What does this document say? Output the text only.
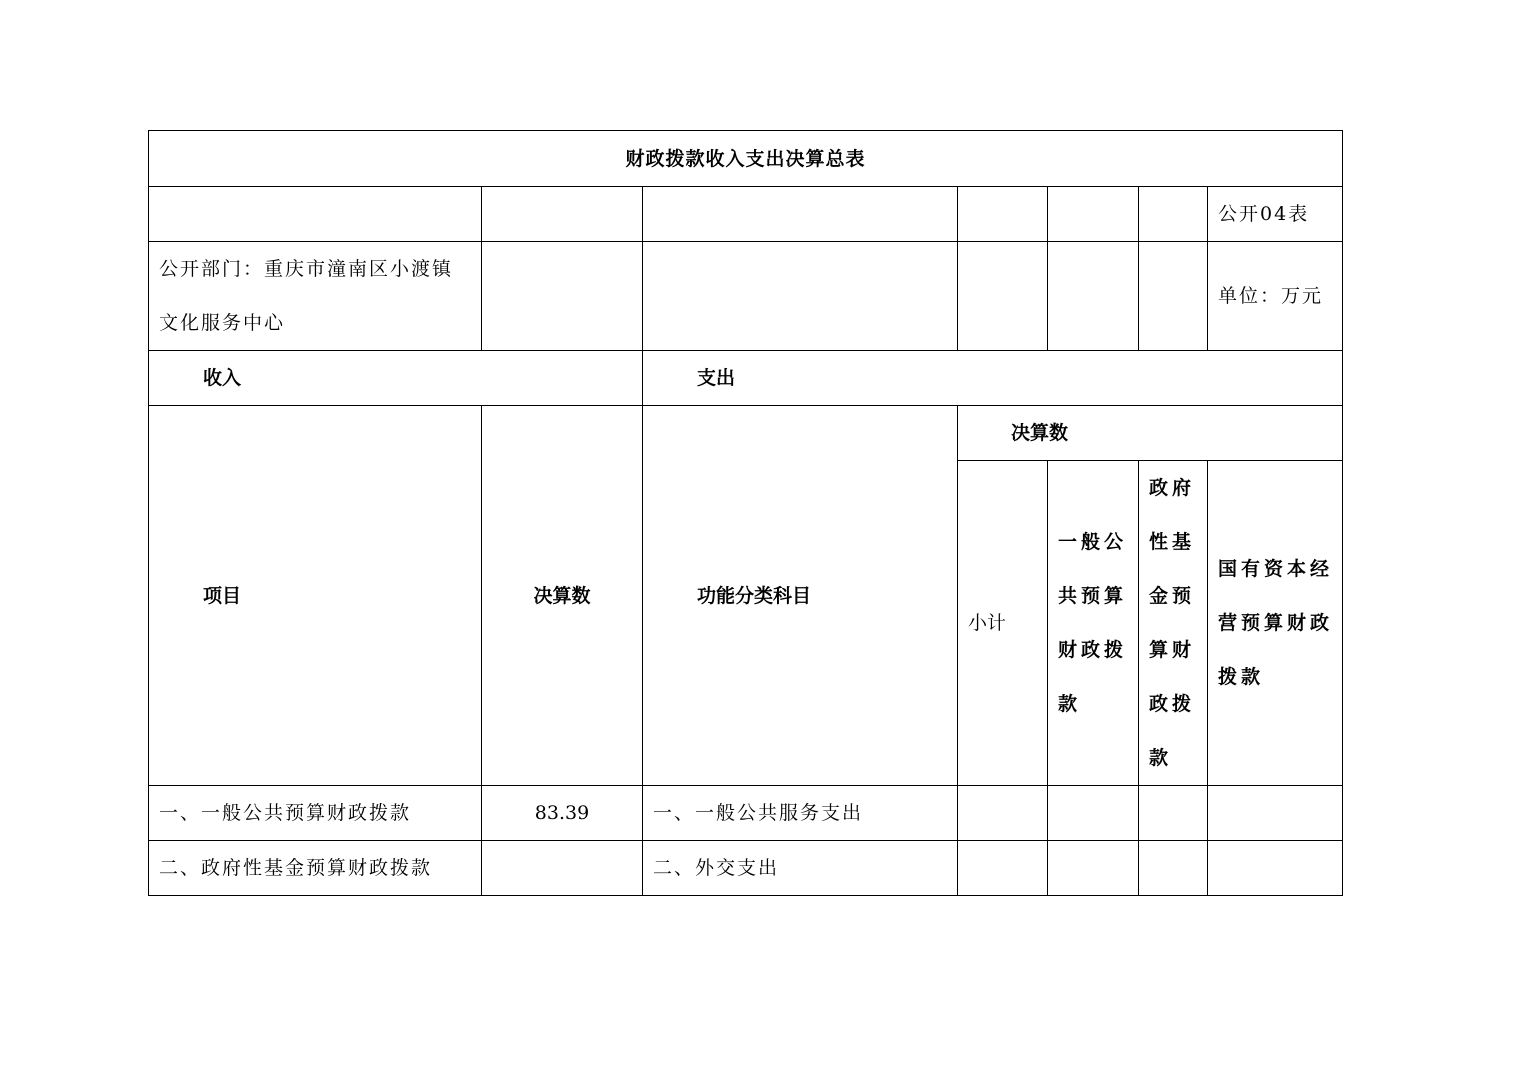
财政拨款收入支出决算总表						
						公开04表
公开部门：重庆市潼南区小渡镇文化服务中心						单位：万元
收入		支出				
项目	决算数	功能分类科目	决算数			
			小计	一般公共预算财政拨款	政府性基金预算财政拨款	国有资本经营预算财政拨款
一、一般公共预算财政拨款	83.39	一、一般公共服务支出				
二、政府性基金预算财政拨款		二、外交支出				
